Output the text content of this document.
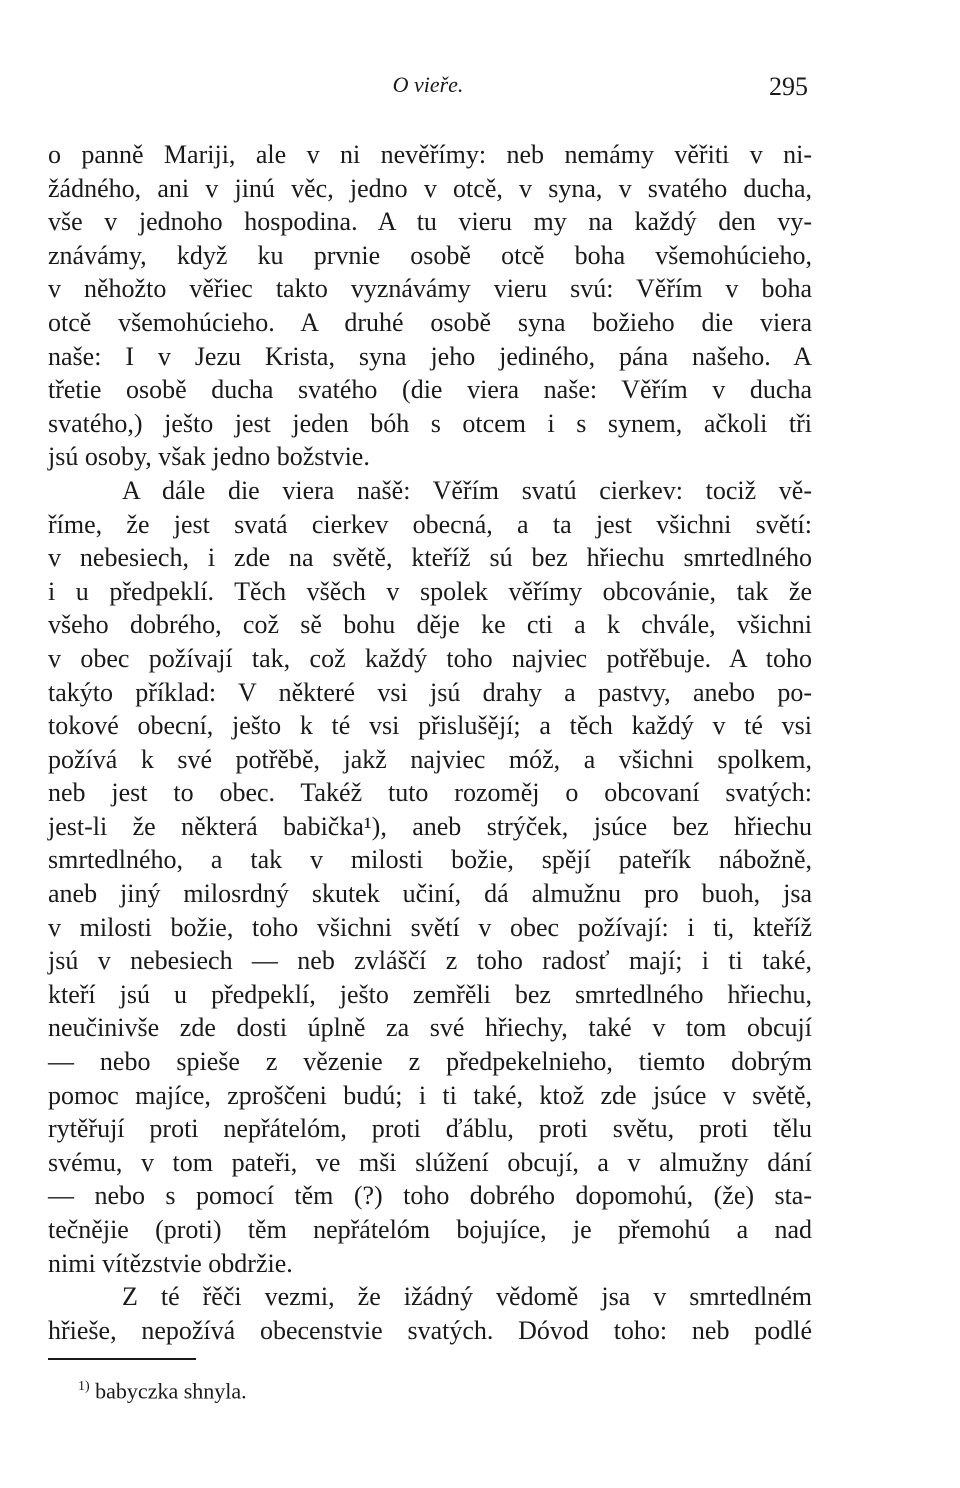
O vieře.	295
o panně Mariji, ale v ni nevěřímy: neb nemámy věřiti v ni-
žádného, ani v jinú věc, jedno v otcě, v syna, v svatého ducha,
vše v jednoho hospodina. A tu vieru my na každý den vy-
znávámy, když ku prvnie osobě otcě boha všemohúcieho,
v něhožto věřiec takto vyznávámy vieru svú: Věřím v boha
otcě všemohúcieho. A druhé osobě syna božieho die viera
naše: I v Jezu Krista, syna jeho jediného, pána našeho. A
třetie osobě ducha svatého (die viera naše: Věřím v ducha
svatého,) ješto jest jeden bóh s otcem i s synem, ačkoli tři
jsú osoby, však jedno božstvie.
A dále die viera našě: Věřím svatú cierkev: tociž vě-
říme, že jest svatá cierkev obecná, a ta jest všichni světí:
v nebesiech, i zde na světě, kteříž sú bez hřiechu smrtedlného
i u předpeklí. Těch všěch v spolek věřímy obcovánie, tak že
všeho dobrého, což sě bohu děje ke cti a k chvále, všichni
v obec požívají tak, což každý toho najviec potřěbuje. A toho
takýto příklad: V některé vsi jsú drahy a pastvy, anebo po-
tokové obecní, ješto k té vsi přislušějí; a těch každý v té vsi
požívá k své potřěbě, jakž najviec móž, a všichni spolkem,
neb jest to obec. Takéž tuto rozoměj o obcovaní svatých:
jest-li že některá babička¹), aneb strýček, jsúce bez hřiechu
smrtedlného, a tak v milosti božie, spějí pateřík nábožně,
aneb jiný milosrdný skutek učiní, dá almužnu pro buoh, jsa
v milosti božie, toho všichni světí v obec požívají: i ti, kteříž
jsú v nebesiech — neb zvláščí z toho radosť mají; i ti také,
kteří jsú u předpeklí, ješto zemřěli bez smrtedlného hřiechu,
neučinivše zde dosti úplně za své hřiechy, také v tom obcují
— nebo spieše z vězenie z předpekelnieho, tiemto dobrým
pomoc majíce, zproščeni budú; i ti také, ktož zde jsúce v světě,
rytěřují proti nepřátelóm, proti ďáblu, proti světu, proti tělu
svému, v tom pateři, ve mši slúžení obcují, a v almužny dání
— nebo s pomocí těm (?) toho dobrého dopomohú, (že) sta-
tečnějie (proti) těm nepřátelóm bojujíce, je přemohú a nad
nimi vítězstvie obdržie.
Z té řěči vezmi, že ižádný vědomě jsa v smrtedlném
hřieše, nepožívá obecenstvie svatých. Dóvod toho: neb podlé
$^{1)}$ babyczka shnyla.
